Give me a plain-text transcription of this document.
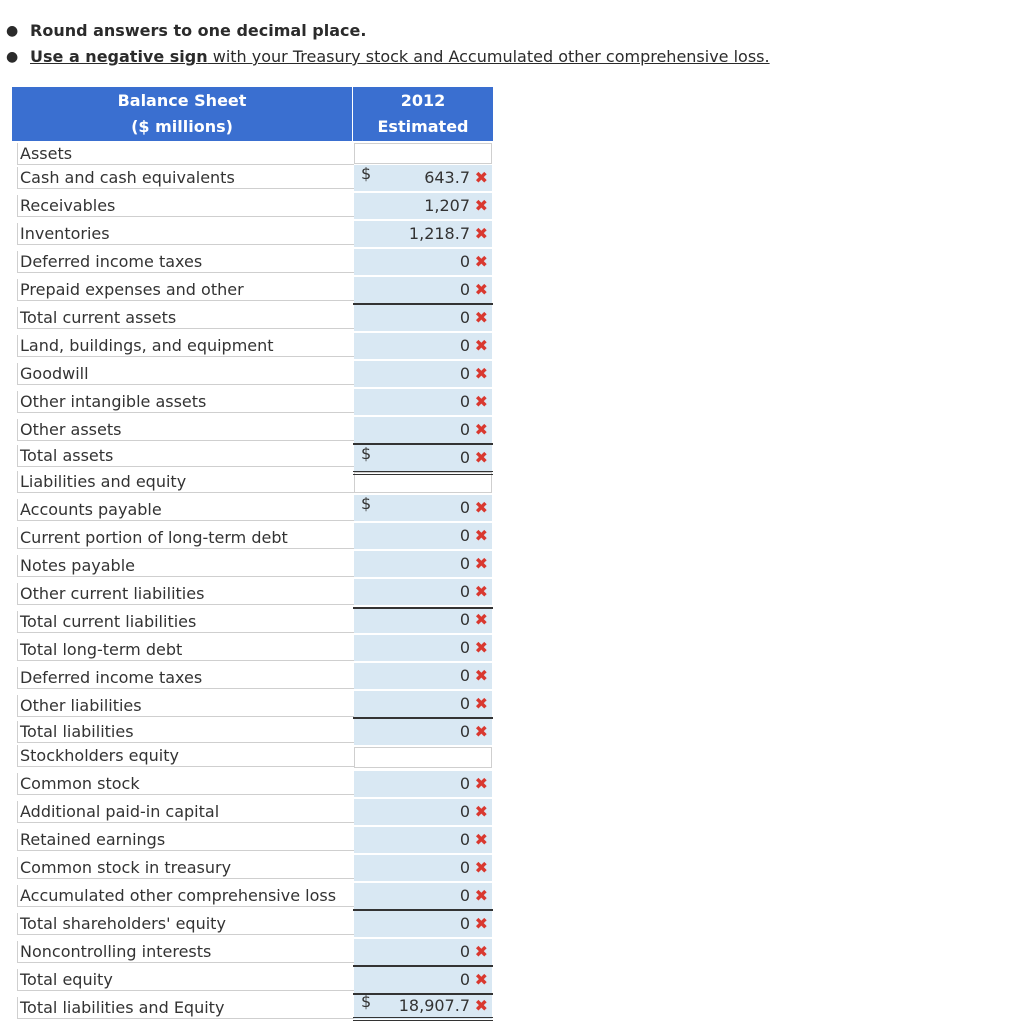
● Round answers to one decimal place.
● Use a negative sign with your Treasury stock and Accumulated other comprehensive loss.
Balance Sheet
($ millions)
2012
Estimated
Assets
Cash and cash equivalents	$	643.7 ✖
Receivables	1,207 ✖
Inventories	1,218.7 ✖
Deferred income taxes	0 ✖
Prepaid expenses and other	0 ✖
Total current assets	0 ✖
Land, buildings, and equipment	0 ✖
Goodwill	0 ✖
Other intangible assets	0 ✖
Other assets	0 ✖
Total assets	$	0 ✖
Liabilities and equity
Accounts payable	$	0 ✖
Current portion of long-term debt	0 ✖
Notes payable	0 ✖
Other current liabilities	0 ✖
Total current liabilities	0 ✖
Total long-term debt	0 ✖
Deferred income taxes	0 ✖
Other liabilities	0 ✖
Total liabilities	0 ✖
Stockholders equity
Common stock	0 ✖
Additional paid-in capital	0 ✖
Retained earnings	0 ✖
Common stock in treasury	0 ✖
Accumulated other comprehensive loss	0 ✖
Total shareholders' equity	0 ✖
Noncontrolling interests	0 ✖
Total equity	0 ✖
Total liabilities and Equity	$ 18,907.7 ✖
